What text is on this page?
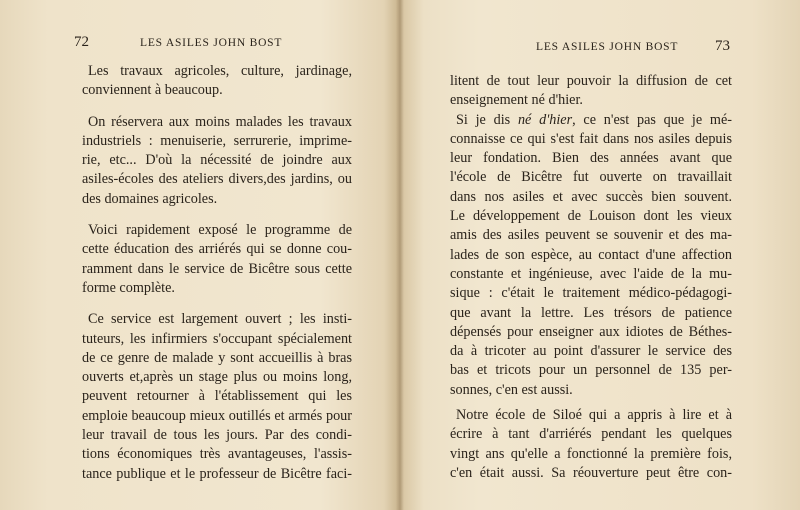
72	LES ASILES JOHN BOST
Les travaux agricoles, culture, jardinage,
conviennent à beaucoup.
On réservera aux moins malades les travaux
industriels : menuiserie, serrurerie, imprime-
rie, etc... D'où la nécessité de joindre aux
asiles-écoles des ateliers divers,des jardins, ou
des domaines agricoles.
Voici rapidement exposé le programme de
cette éducation des arriérés qui se donne cou-
ramment dans le service de Bicêtre sous cette
forme complète.
Ce service est largement ouvert ; les insti-
tuteurs, les infirmiers s'occupant spécialement
de ce genre de malade y sont accueillis à bras
ouverts et,après un stage plus ou moins long,
peuvent retourner à l'établissement qui les
emploie beaucoup mieux outillés et armés pour
leur travail de tous les jours. Par des condi-
tions économiques très avantageuses, l'assis-
tance publique et le professeur de Bicêtre faci-
LES ASILES JOHN BOST 73
litent de tout leur pouvoir la diffusion de cet
enseignement né d'hier.
Si je dis né d'hier, ce n'est pas que je mé-
connaisse ce qui s'est fait dans nos asiles depuis
leur fondation. Bien des années avant que
l'école de Bicêtre fut ouverte on travaillait
dans nos asiles et avec succès bien souvent.
Le développement de Louison dont les vieux
amis des asiles peuvent se souvenir et des ma-
lades de son espèce, au contact d'une affection
constante et ingénieuse, avec l'aide de la mu-
sique : c'était le traitement médico-pédagogi-
que avant la lettre. Les trésors de patience
dépensés pour enseigner aux idiotes de Béthes-
da à tricoter au point d'assurer le service des
bas et tricots pour un personnel de 135 per-
sonnes, c'en est aussi.
Notre école de Siloé qui a appris à lire et à
écrire à tant d'arriérés pendant les quelques
vingt ans qu'elle a fonctionné la première fois,
c'en était aussi. Sa réouverture peut être con-
